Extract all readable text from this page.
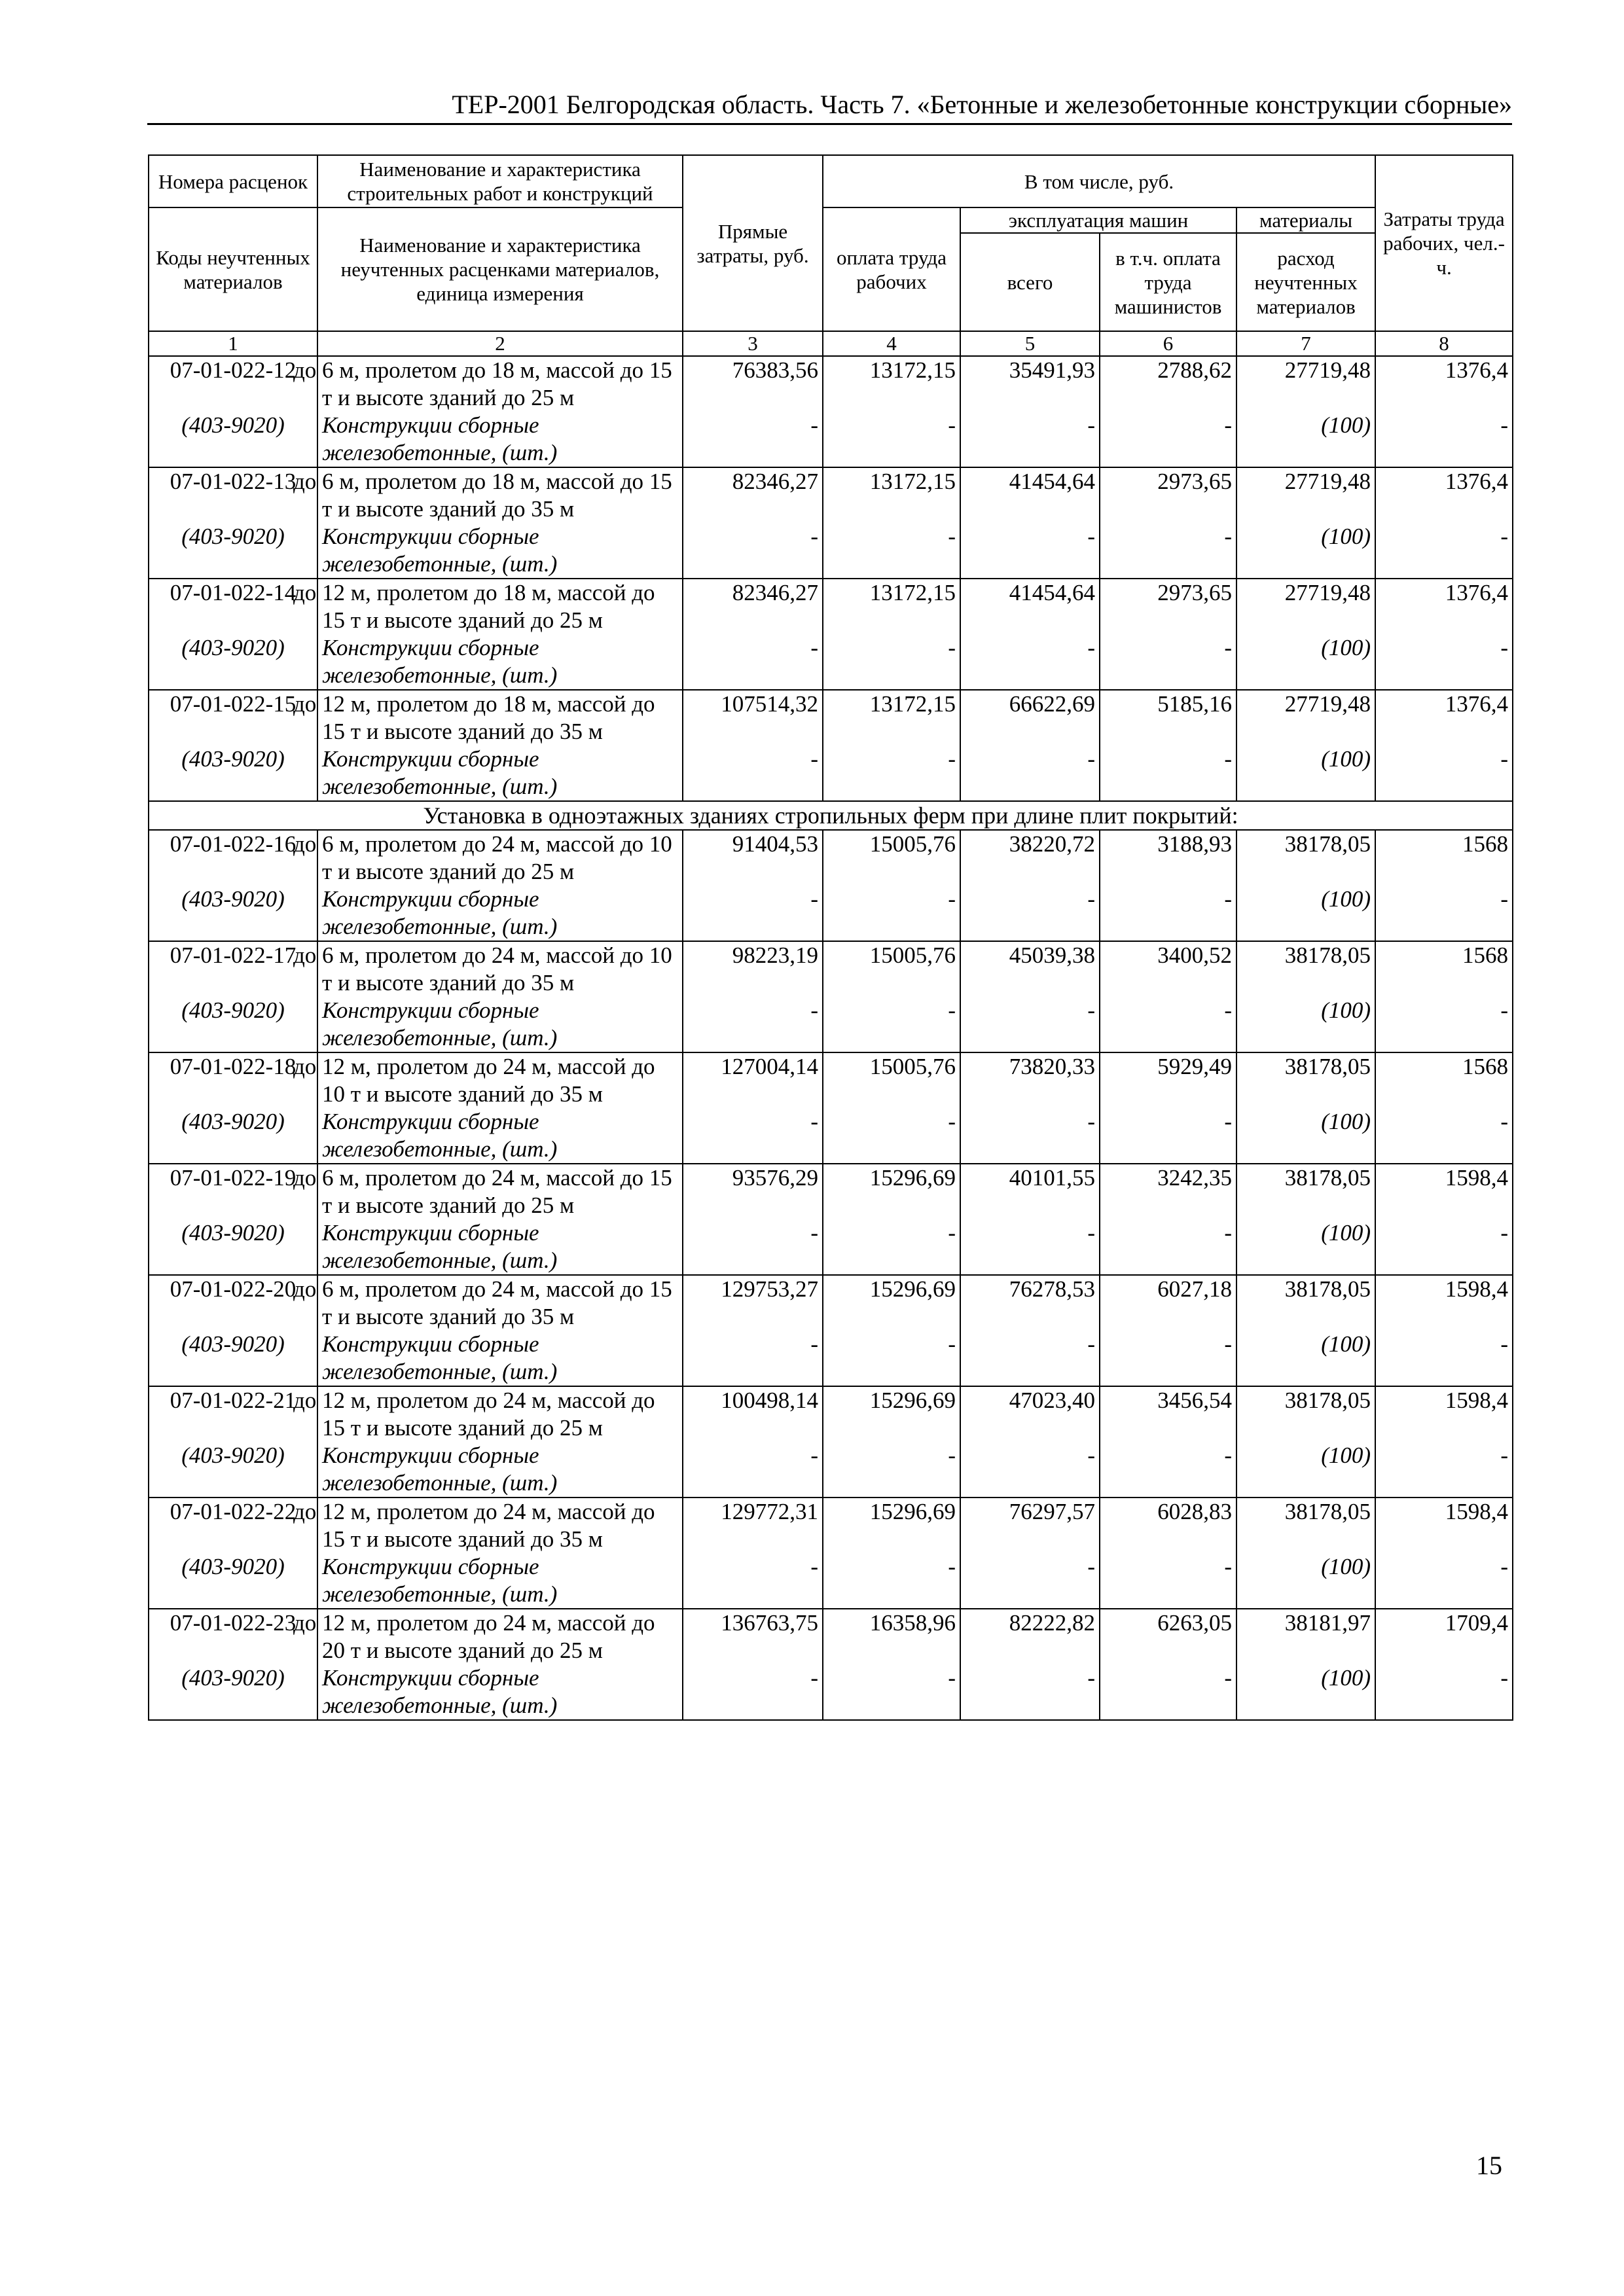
ТЕР-2001 Белгородская область. Часть 7. «Бетонные и железобетонные конструкции сборные»
Номера расценок	Наименование и характеристика строительных работ и конструкций	Прямые затраты, руб.	В том числе, руб.				Затраты труда рабочих, чел.-ч.
Коды неучтенных материалов	Наименование и характеристика неучтенных расценками материалов, единица измерения		оплата труда рабочих	эксплуатация машин		материалы	
				всего	в т.ч. оплата труда машинистов	расход неучтенных материалов	
1	2	3	4	5	6	7	8
07-01-022-12	до 6 м, пролетом до 18 м, массой до 15 т и высоте зданий до 25 м	76383,56	13172,15	35491,93	2788,62	27719,48	1376,4
(403-9020)	Конструкции сборные железобетонные, (шт.)	-	-	-	-	(100)	-
07-01-022-13	до 6 м, пролетом до 18 м, массой до 15 т и высоте зданий до 35 м	82346,27	13172,15	41454,64	2973,65	27719,48	1376,4
(403-9020)	Конструкции сборные железобетонные, (шт.)	-	-	-	-	(100)	-
07-01-022-14	до 12 м, пролетом до 18 м, массой до 15 т и высоте зданий до 25 м	82346,27	13172,15	41454,64	2973,65	27719,48	1376,4
(403-9020)	Конструкции сборные железобетонные, (шт.)	-	-	-	-	(100)	-
07-01-022-15	до 12 м, пролетом до 18 м, массой до 15 т и высоте зданий до 35 м	107514,32	13172,15	66622,69	5185,16	27719,48	1376,4
(403-9020)	Конструкции сборные железобетонные, (шт.)	-	-	-	-	(100)	-
Установка в одноэтажных зданиях стропильных ферм при длине плит покрытий:							
07-01-022-16	до 6 м, пролетом до 24 м, массой до 10 т и высоте зданий до 25 м	91404,53	15005,76	38220,72	3188,93	38178,05	1568
(403-9020)	Конструкции сборные железобетонные, (шт.)	-	-	-	-	(100)	-
07-01-022-17	до 6 м, пролетом до 24 м, массой до 10 т и высоте зданий до 35 м	98223,19	15005,76	45039,38	3400,52	38178,05	1568
(403-9020)	Конструкции сборные железобетонные, (шт.)	-	-	-	-	(100)	-
07-01-022-18	до 12 м, пролетом до 24 м, массой до 10 т и высоте зданий до 35 м	127004,14	15005,76	73820,33	5929,49	38178,05	1568
(403-9020)	Конструкции сборные железобетонные, (шт.)	-	-	-	-	(100)	-
07-01-022-19	до 6 м, пролетом до 24 м, массой до 15 т и высоте зданий до 25 м	93576,29	15296,69	40101,55	3242,35	38178,05	1598,4
(403-9020)	Конструкции сборные железобетонные, (шт.)	-	-	-	-	(100)	-
07-01-022-20	до 6 м, пролетом до 24 м, массой до 15 т и высоте зданий до 35 м	129753,27	15296,69	76278,53	6027,18	38178,05	1598,4
(403-9020)	Конструкции сборные железобетонные, (шт.)	-	-	-	-	(100)	-
07-01-022-21	до 12 м, пролетом до 24 м, массой до 15 т и высоте зданий до 25 м	100498,14	15296,69	47023,40	3456,54	38178,05	1598,4
(403-9020)	Конструкции сборные железобетонные, (шт.)	-	-	-	-	(100)	-
07-01-022-22	до 12 м, пролетом до 24 м, массой до 15 т и высоте зданий до 35 м	129772,31	15296,69	76297,57	6028,83	38178,05	1598,4
(403-9020)	Конструкции сборные железобетонные, (шт.)	-	-	-	-	(100)	-
07-01-022-23	до 12 м, пролетом до 24 м, массой до 20 т и высоте зданий до 25 м	136763,75	16358,96	82222,82	6263,05	38181,97	1709,4
(403-9020)	Конструкции сборные железобетонные, (шт.)	-	-	-	-	(100)	-
15
